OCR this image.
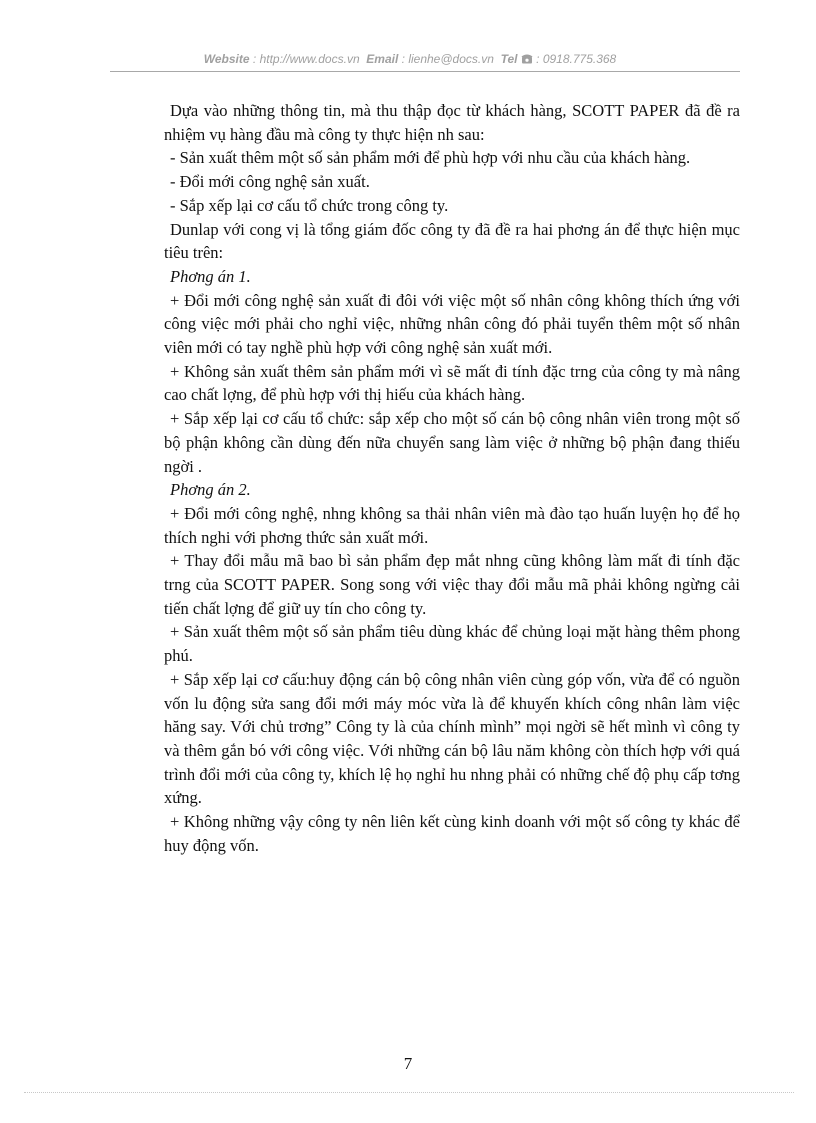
Website : http://www.docs.vn Email : lienhe@docs.vn Tel : 0918.775.368

Dựa vào những thông tin, mà thu thập đọc từ khách hàng, SCOTT PAPER đã đề ra nhiệm vụ hàng đầu mà công ty thực hiện nh sau:

- Sản xuất thêm một số sản phẩm mới để phù hợp với nhu cầu của khách hàng.

- Đổi mới công nghệ sản xuất.

- Sắp xếp lại cơ cấu tổ chức trong công ty.

Dunlap với cong vị là tổng giám đốc công ty đã đề ra hai phơng án để thực hiện mục tiêu trên:

Phơng án 1.

+ Đổi mới công nghệ sản xuất đi đôi với việc một số nhân công không thích ứng với công việc mới phải cho nghỉ việc, những nhân công đó phải tuyển thêm một số nhân viên mới có tay nghề phù hợp với công nghệ sản xuất mới.

+ Không sản xuất thêm sản phẩm mới vì sẽ mất đi tính đặc trng của công ty mà nâng cao chất lợng, để phù hợp với thị hiếu của khách hàng.

+ Sắp xếp lại cơ cấu tổ chức: sắp xếp cho một số cán bộ công nhân viên trong một số bộ phận không cần dùng đến nữa chuyển sang làm việc ở những bộ phận đang thiếu ngời .

Phơng án 2.

+ Đổi mới công nghệ, nhng không sa thải nhân viên mà đào tạo huấn luyện họ để họ thích nghi với phơng thức sản xuất mới.

+ Thay đổi mẫu mã bao bì sản phẩm đẹp mắt nhng cũng không làm mất đi tính đặc trng của SCOTT PAPER. Song song với việc thay đổi mẫu mã phải không ngừng cải tiến chất lợng để giữ uy tín cho công ty.

+ Sản xuất thêm một số sản phẩm tiêu dùng khác để chủng loại mặt hàng thêm phong phú.

+ Sắp xếp lại cơ cấu:huy động cán bộ công nhân viên cùng góp vốn, vừa để có nguồn vốn lu động sửa sang đổi mới máy móc vừa là để khuyến khích công nhân làm việc hăng say. Với chủ trơng” Công ty là của chính mình” mọi ngời sẽ hết mình vì công ty và thêm gắn bó với công việc. Với những cán bộ lâu năm không còn thích hợp với quá trình đổi mới của công ty, khích lệ họ nghỉ hu nhng phải có những chế độ phụ cấp tơng xứng.

+ Không những vậy công ty nên liên kết cùng kinh doanh với một số công ty khác để huy động vốn.

7
